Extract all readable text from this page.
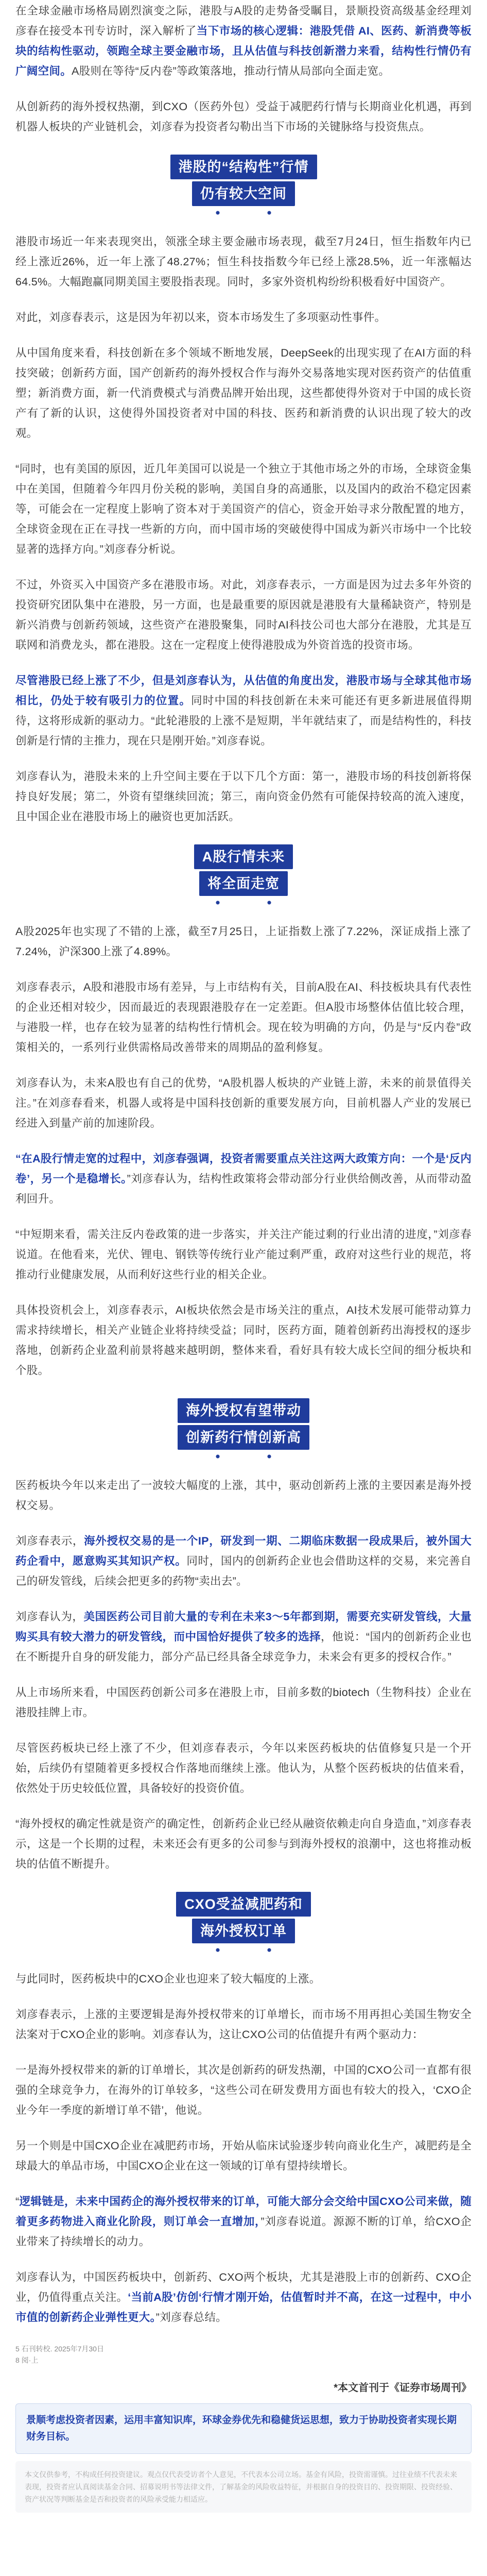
在全球金融市场格局剧烈演变之际，港股与A股的走势备受瞩目，景顺投资高级基金经理刘彦春在接受本刊专访时，深入解析了当下市场的核心逻辑：港股凭借 AI、医药、新消费等板块的结构性驱动，领跑全球主要金融市场，且从估值与科技创新潜力来看，结构性行情仍有广阔空间。A股则在等待“反内卷”等政策落地，推动行情从局部向全面走宽。

从创新药的海外授权热潮，到CXO（医药外包）受益于减肥药行情与长期商业化机遇，再到机器人板块的产业链机会，刘彦春为投资者勾勒出当下市场的关键脉络与投资焦点。

港股的“结构性”行情
仍有较大空间

港股市场近一年来表现突出，领涨全球主要金融市场表现，截至7月24日，恒生指数年内已经上涨近26%，近一年上涨了48.27%；恒生科技指数今年已经上涨28.5%，近一年涨幅达64.5%。大幅跑赢同期美国主要股指表现。同时，多家外资机构纷纷积极看好中国资产。

对此，刘彦春表示，这是因为年初以来，资本市场发生了多项驱动性事件。

从中国角度来看，科技创新在多个领域不断地发展，DeepSeek的出现实现了在AI方面的科技突破；创新药方面，国产创新药的海外授权合作与海外交易落地实现对医药资产的估值重塑；新消费方面，新一代消费模式与消费品牌开始出现，这些都使得外资对于中国的成长资产有了新的认识，这使得外国投资者对中国的科技、医药和新消费的认识出现了较大的改观。

“同时，也有美国的原因，近几年美国可以说是一个独立于其他市场之外的市场，全球资金集中在美国，但随着今年四月份关税的影响，美国自身的高通胀，以及国内的政治不稳定因素等，可能会在一定程度上影响了资本对于美国资产的信心，资金开始寻求分散配置的地方，全球资金现在正在寻找一些新的方向，而中国市场的突破使得中国成为新兴市场中一个比较显著的选择方向。”刘彦春分析说。

不过，外资买入中国资产多在港股市场。对此，刘彦春表示，一方面是因为过去多年外资的投资研究团队集中在港股，另一方面，也是最重要的原因就是港股有大量稀缺资产，特别是新兴消费与创新药领域，这些资产在港股聚集，同时AI科技公司也大部分在港股，尤其是互联网和消费龙头，都在港股。这在一定程度上使得港股成为外资首选的投资市场。

尽管港股已经上涨了不少，但是刘彦春认为，从估值的角度出发，港股市场与全球其他市场相比，仍处于较有吸引力的位置。同时中国的科技创新在未来可能还有更多新进展值得期待，这将形成新的驱动力。“此轮港股的上涨不是短期，半年就结束了，而是结构性的，科技创新是行情的主推力，现在只是刚开始。”刘彦春说。

刘彦春认为，港股未来的上升空间主要在于以下几个方面：第一，港股市场的科技创新将保持良好发展；第二，外资有望继续回流；第三，南向资金仍然有可能保持较高的流入速度，且中国企业在港股市场上的融资也更加活跃。

A股行情未来
将全面走宽

A股2025年也实现了不错的上涨，截至7月25日，上证指数上涨了7.22%，深证成指上涨了7.24%，沪深300上涨了4.89%。

刘彦春表示，A股和港股市场有差异，与上市结构有关，目前A股在AI、科技板块具有代表性的企业还相对较少，因而最近的表现跟港股存在一定差距。但A股市场整体估值比较合理，与港股一样，也存在较为显著的结构性行情机会。现在较为明确的方向，仍是与“反内卷”政策相关的，一系列行业供需格局改善带来的周期品的盈利修复。

刘彦春认为，未来A股也有自己的优势，“A股机器人板块的产业链上游，未来的前景值得关注。”在刘彦春看来，机器人或将是中国科技创新的重要发展方向，目前机器人产业的发展已经进入到量产前的加速阶段。

“在A股行情走宽的过程中，刘彦春强调，投资者需要重点关注这两大政策方向：一个是‘反内卷’，另一个是稳增长。”刘彦春认为，结构性政策将会带动部分行业供给侧改善，从而带动盈利回升。

“中短期来看，需关注反内卷政策的进一步落实，并关注产能过剩的行业出清的进度，”刘彦春说道。在他看来，光伏、锂电、钢铁等传统行业产能过剩严重，政府对这些行业的规范，将推动行业健康发展，从而利好这些行业的相关企业。

具体投资机会上，刘彦春表示，AI板块依然会是市场关注的重点，AI技术发展可能带动算力需求持续增长，相关产业链企业将持续受益；同时，医药方面，随着创新药出海授权的逐步落地，创新药企业盈利前景将越来越明朗，整体来看，看好具有较大成长空间的细分板块和个股。

海外授权有望带动
创新药行情创新高

医药板块今年以来走出了一波较大幅度的上涨，其中，驱动创新药上涨的主要因素是海外授权交易。

刘彦春表示，海外授权交易的是一个IP，研发到一期、二期临床数据一段成果后，被外国大药企看中，愿意购买其知识产权。同时，国内的创新药企业也会借助这样的交易，来完善自己的研发管线，后续会把更多的药物“卖出去”。

刘彦春认为，美国医药公司目前大量的专利在未来3～5年都到期，需要充实研发管线，大量购买具有较大潜力的研发管线，而中国恰好提供了较多的选择，他说：“国内的创新药企业也在不断提升自身的研发能力，部分产品已经具备全球竞争力，未来会有更多的授权合作。”

从上市场所来看，中国医药创新公司多在港股上市，目前多数的biotech（生物科技）企业在港股挂牌上市。

尽管医药板块已经上涨了不少，但刘彦春表示，今年以来医药板块的估值修复只是一个开始，后续仍有望随着更多授权合作落地而继续上涨。他认为，从整个医药板块的估值来看，依然处于历史较低位置，具备较好的投资价值。

“海外授权的确定性就是资产的确定性，创新药企业已经从融资依赖走向自身造血，”刘彦春表示，这是一个长期的过程，未来还会有更多的公司参与到海外授权的浪潮中，这也将推动板块的估值不断提升。

CXO受益减肥药和
海外授权订单

与此同时，医药板块中的CXO企业也迎来了较大幅度的上涨。

刘彦春表示，上涨的主要逻辑是海外授权带来的订单增长，而市场不用再担心美国生物安全法案对于CXO企业的影响。刘彦春认为，这让CXO公司的估值提升有两个驱动力：

一是海外授权带来的新的订单增长，其次是创新药的研发热潮，中国的CXO公司一直都有很强的全球竞争力，在海外的订单较多，“这些公司在研发费用方面也有较大的投入，‘CXO企业今年一季度的新增订单不错’，他说。

另一个则是中国CXO企业在减肥药市场，开始从临床试验逐步转向商业化生产，减肥药是全球最大的单品市场，中国CXO企业在这一领域的订单有望持续增长。

“逻辑链是，未来中国药企的海外授权带来的订单，可能大部分会交给中国CXO公司来做，随着更多药物进入商业化阶段，则订单会一直增加，”刘彦春说道。源源不断的订单，给CXO企业带来了持续增长的动力。

刘彦春认为，中国医药板块中，创新药、CXO两个板块，尤其是港股上市的创新药、CXO企业，仍值得重点关注。‘当前A股’仿创‘行情才刚开始，估值暂时并不高，在这一过程中，中小市值的创新药企业弹性更大。”刘彦春总结。

5 石刊转校. 2025年7月30日
8 阅·上
*本文首刊于《证券市场周刊》
景顺考虑投资者因素，运用丰富知识库，环球金券优先和稳健货运思想，致力于协助投资者实现长期财务目标。
本文仅供参考，不构成任何投资建议。观点仅代表受访者个人意见，不代表本公司立场。基金有风险，投资需谨慎。过往业绩不代表未来表现，投资者应认真阅读基金合同、招募说明书等法律文件，了解基金的风险收益特征，并根据自身的投资目的、投资期限、投资经验、资产状况等判断基金是否和投资者的风险承受能力相适应。
